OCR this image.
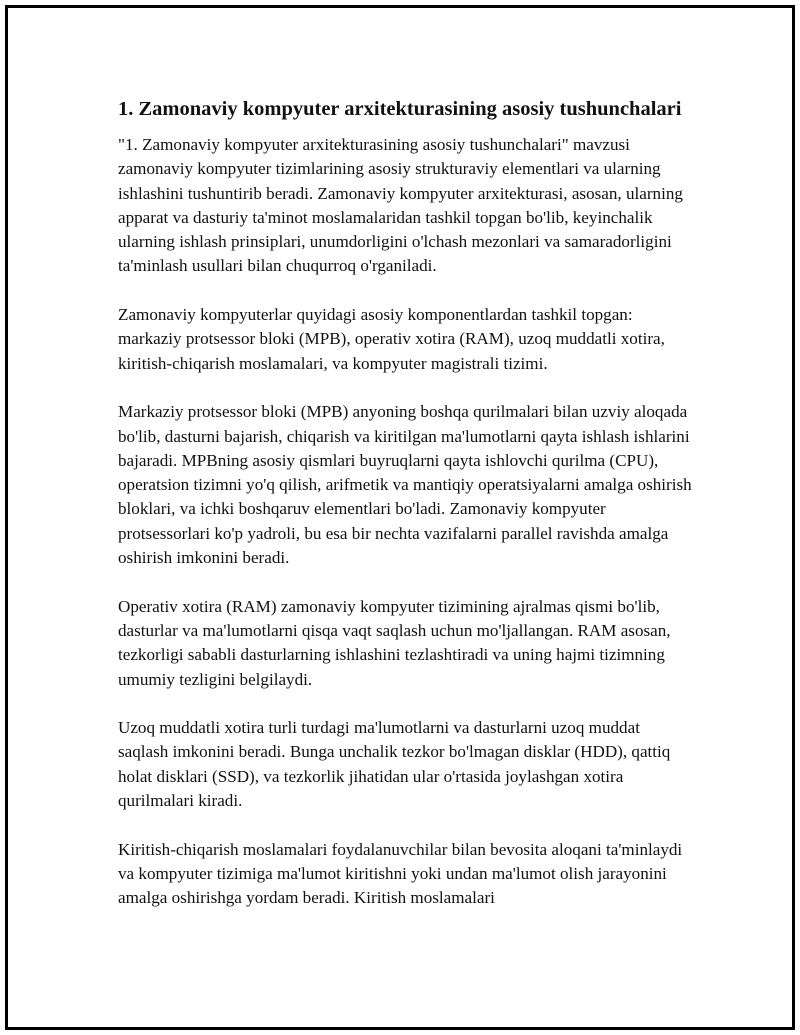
1. Zamonaviy kompyuter arxitekturasining asosiy tushunchalari

"1. Zamonaviy kompyuter arxitekturasining asosiy tushunchalari" mavzusi zamonaviy kompyuter tizimlarining asosiy strukturaviy elementlari va ularning ishlashini tushuntirib beradi. Zamonaviy kompyuter arxitekturasi, asosan, ularning apparat va dasturiy ta'minot moslamalaridan tashkil topgan bo'lib, keyinchalik ularning ishlash prinsiplari, unumdorligini o'lchash mezonlari va samaradorligini ta'minlash usullari bilan chuqurroq o'rganiladi.

Zamonaviy kompyuterlar quyidagi asosiy komponentlardan tashkil topgan: markaziy protsessor bloki (MPB), operativ xotira (RAM), uzoq muddatli xotira, kiritish-chiqarish moslamalari, va kompyuter magistrali tizimi.

Markaziy protsessor bloki (MPB) anyoning boshqa qurilmalari bilan uzviy aloqada bo'lib, dasturni bajarish, chiqarish va kiritilgan ma'lumotlarni qayta ishlash ishlarini bajaradi. MPBning asosiy qismlari buyruqlarni qayta ishlovchi qurilma (CPU), operatsion tizimni yo'q qilish, arifmetik va mantiqiy operatsiyalarni amalga oshirish bloklari, va ichki boshqaruv elementlari bo'ladi. Zamonaviy kompyuter protsessorlari ko'p yadroli, bu esa bir nechta vazifalarni parallel ravishda amalga oshirish imkonini beradi.

Operativ xotira (RAM) zamonaviy kompyuter tizimining ajralmas qismi bo'lib, dasturlar va ma'lumotlarni qisqa vaqt saqlash uchun mo'ljallangan. RAM asosan, tezkorligi sababli dasturlarning ishlashini tezlashtiradi va uning hajmi tizimning umumiy tezligini belgilaydi.

Uzoq muddatli xotira turli turdagi ma'lumotlarni va dasturlarni uzoq muddat saqlash imkonini beradi. Bunga unchalik tezkor bo'lmagan disklar (HDD), qattiq holat disklari (SSD), va tezkorlik jihatidan ular o'rtasida joylashgan xotira qurilmalari kiradi.

Kiritish-chiqarish moslamalari foydalanuvchilar bilan bevosita aloqani ta'minlaydi va kompyuter tizimiga ma'lumot kiritishni yoki undan ma'lumot olish jarayonini amalga oshirishga yordam beradi. Kiritish moslamalari
